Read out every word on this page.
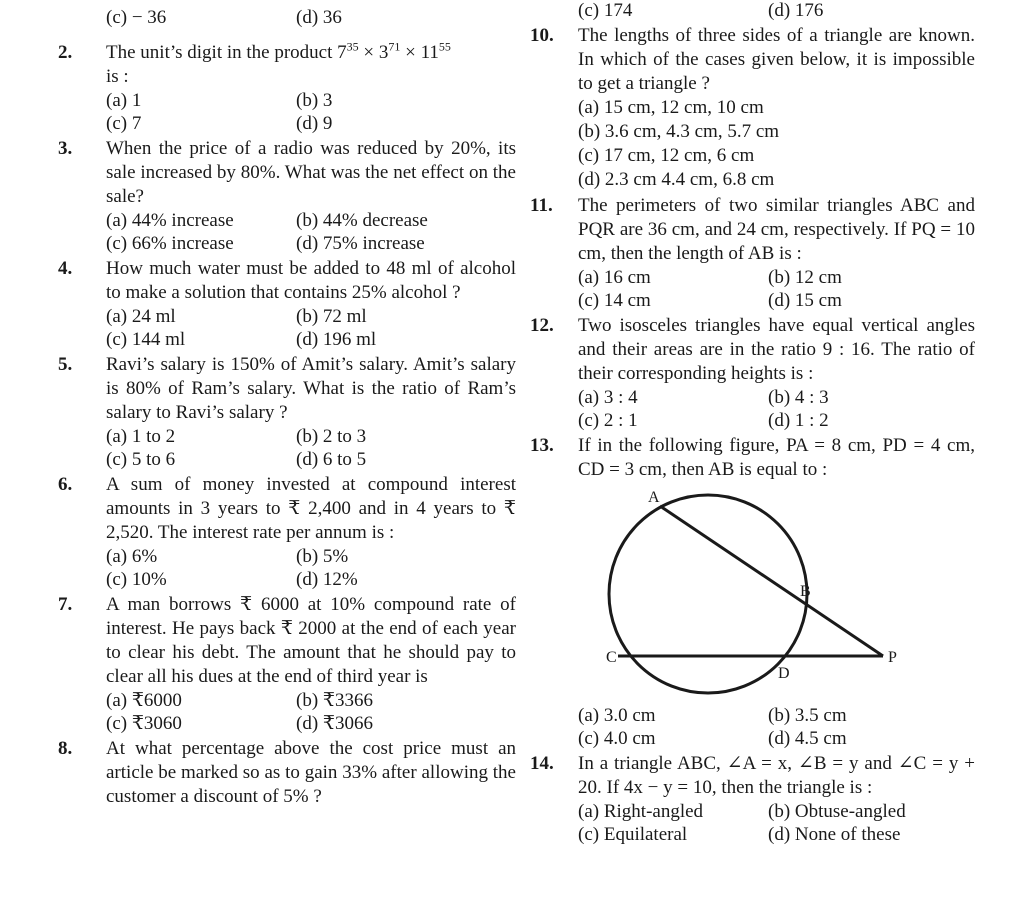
(c) − 36	(d) 36
2. The unit’s digit in the product $7^{35} \times 3^{71} \times 11^{55}$
is :
(a) 1	(b) 3
(c) 7	(d) 9
3. When the price of a radio was reduced by 20%, its sale increased by 80%. What was the net effect on the sale?
(a) 44% increase	(b) 44% decrease
(c) 66% increase	(d) 75% increase
4. How much water must be added to 48 ml of alcohol to make a solution that contains 25% alcohol ?
(a) 24 ml	(b) 72 ml
(c) 144 ml	(d) 196 ml
5. Ravi’s salary is 150% of Amit’s salary. Amit’s salary is 80% of Ram’s salary. What is the ratio of Ram’s salary to Ravi’s salary ?
(a) 1 to 2	(b) 2 to 3
(c) 5 to 6	(d) 6 to 5
6. A sum of money invested at compound interest amounts in 3 years to ₹ 2,400 and in 4 years to ₹ 2,520. The interest rate per annum is :
(a) 6%	(b) 5%
(c) 10%	(d) 12%
7. A man borrows ₹ 6000 at 10% compound rate of interest. He pays back ₹ 2000 at the end of each year to clear his debt. The amount that he should pay to clear all his dues at the end of third year is
(a) ₹6000	(b) ₹3366
(c) ₹3060	(d) ₹3066
8. At what percentage above the cost price must an article be marked so as to gain 33% after allowing the customer a discount of 5% ?
(c) 174	(d) 176
10. The lengths of three sides of a triangle are known. In which of the cases given below, it is impossible to get a triangle ?
(a) 15 cm, 12 cm, 10 cm
(b) 3.6 cm, 4.3 cm, 5.7 cm
(c) 17 cm, 12 cm, 6 cm
(d) 2.3 cm 4.4 cm, 6.8 cm
11. The perimeters of two similar triangles ABC and PQR are 36 cm, and 24 cm, respectively. If PQ = 10 cm, then the length of AB is :
(a) 16 cm	(b) 12 cm
(c) 14 cm	(d) 15 cm
12. Two isosceles triangles have equal vertical angles and their areas are in the ratio 9 : 16. The ratio of their corresponding heights is :
(a) 3 : 4	(b) 4 : 3
(c) 2 : 1	(d) 1 : 2
13. If in the following figure, PA = 8 cm, PD = 4 cm, CD = 3 cm, then AB is equal to :
A
B
C
D
P
(a) 3.0 cm	(b) 3.5 cm
(c) 4.0 cm	(d) 4.5 cm
14. In a triangle ABC, ∠A = x, ∠B = y and ∠C = y + 20. If 4x − y = 10, then the triangle is :
(a) Right-angled	(b) Obtuse-angled
(c) Equilateral	(d) None of these
